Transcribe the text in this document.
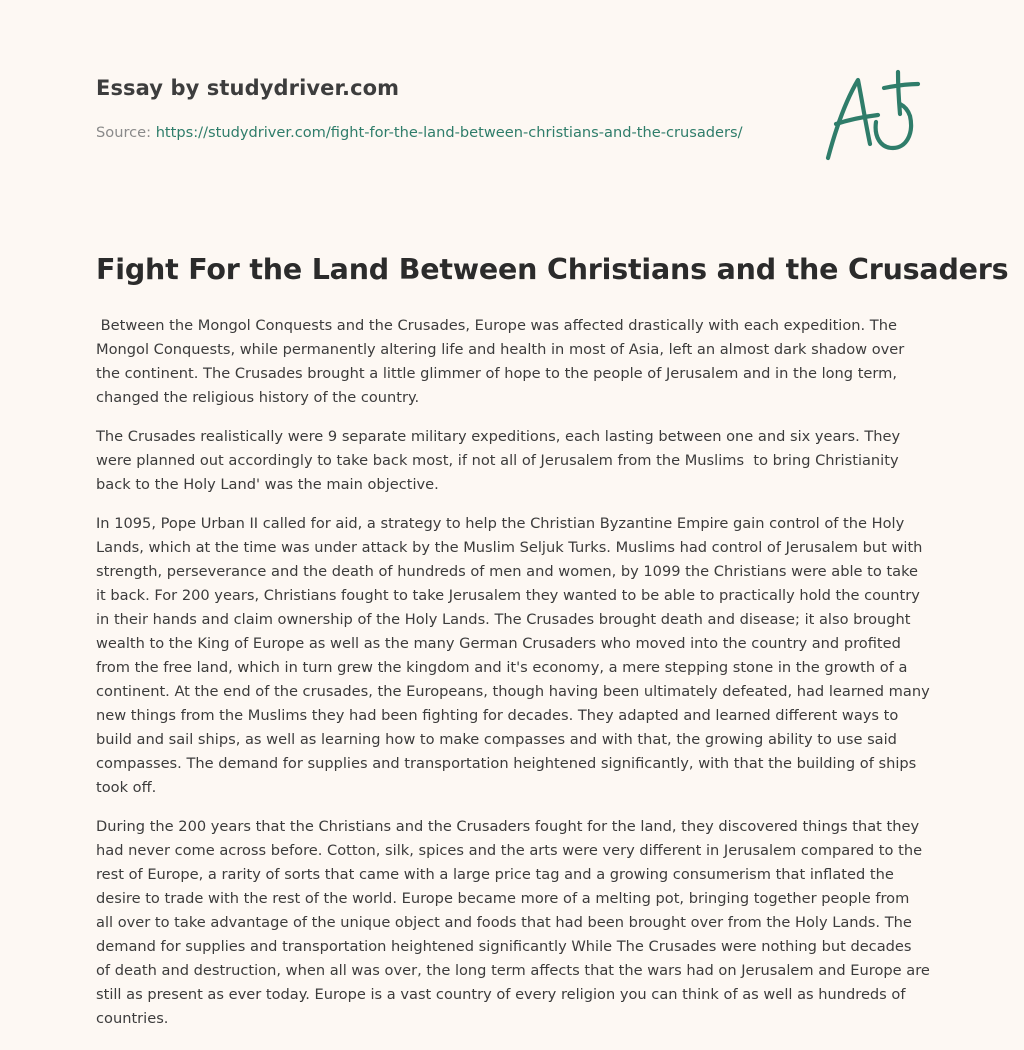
Essay by studydriver.com
Source: https://studydriver.com/fight-for-the-land-between-christians-and-the-crusaders/
Fight For the Land Between Christians and the Crusaders

Between the Mongol Conquests and the Crusades, Europe was affected drastically with each expedition. The Mongol Conquests, while permanently altering life and health in most of Asia, left an almost dark shadow over the continent. The Crusades brought a little glimmer of hope to the people of Jerusalem and in the long term, changed the religious history of the country.

The Crusades realistically were 9 separate military expeditions, each lasting between one and six years. They were planned out accordingly to take back most, if not all of Jerusalem from the Muslims  to bring Christianity back to the Holy Land' was the main objective.

In 1095, Pope Urban II called for aid, a strategy to help the Christian Byzantine Empire gain control of the Holy Lands, which at the time was under attack by the Muslim Seljuk Turks. Muslims had control of Jerusalem but with strength, perseverance and the death of hundreds of men and women, by 1099 the Christians were able to take it back. For 200 years, Christians fought to take Jerusalem they wanted to be able to practically hold the country in their hands and claim ownership of the Holy Lands. The Crusades brought death and disease; it also brought wealth to the King of Europe as well as the many German Crusaders who moved into the country and profited from the free land, which in turn grew the kingdom and it's economy, a mere stepping stone in the growth of a continent. At the end of the crusades, the Europeans, though having been ultimately defeated, had learned many new things from the Muslims they had been fighting for decades. They adapted and learned different ways to build and sail ships, as well as learning how to make compasses and with that, the growing ability to use said compasses. The demand for supplies and transportation heightened significantly, with that the building of ships took off.

During the 200 years that the Christians and the Crusaders fought for the land, they discovered things that they had never come across before. Cotton, silk, spices and the arts were very different in Jerusalem compared to the rest of Europe, a rarity of sorts that came with a large price tag and a growing consumerism that inflated the desire to trade with the rest of the world. Europe became more of a melting pot, bringing together people from all over to take advantage of the unique object and foods that had been brought over from the Holy Lands. The demand for supplies and transportation heightened significantly While The Crusades were nothing but decades of death and destruction, when all was over, the long term affects that the wars had on Jerusalem and Europe are still as present as ever today. Europe is a vast country of every religion you can think of as well as hundreds of countries.
